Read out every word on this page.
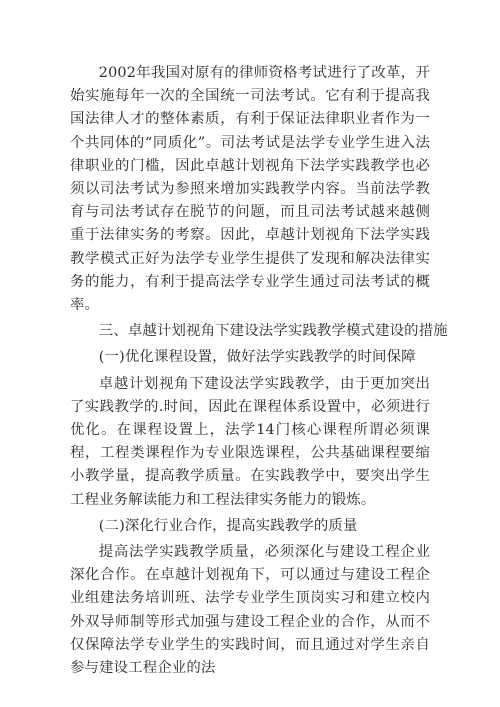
2002年我国对原有的律师资格考试进行了改革，开始实施每年一次的全国统一司法考试。它有利于提高我国法律人才的整体素质，有利于保证法律职业者作为一个共同体的“同质化”。司法考试是法学专业学生进入法律职业的门槛，因此卓越计划视角下法学实践教学也必须以司法考试为参照来增加实践教学内容。当前法学教育与司法考试存在脱节的问题，而且司法考试越来越侧重于法律实务的考察。因此，卓越计划视角下法学实践教学模式正好为法学专业学生提供了发现和解决法律实务的能力，有利于提高法学专业学生通过司法考试的概率。

三、卓越计划视角下建设法学实践教学模式建设的措施

(一)优化课程设置，做好法学实践教学的时间保障

卓越计划视角下建设法学实践教学，由于更加突出了实践教学的.时间，因此在课程体系设置中，必须进行优化。在课程设置上，法学14门核心课程所谓必须课程，工程类课程作为专业限选课程，公共基础课程要缩小教学量，提高教学质量。在实践教学中，要突出学生工程业务解读能力和工程法律实务能力的锻炼。

(二)深化行业合作，提高实践教学的质量

提高法学实践教学质量，必须深化与建设工程企业深化合作。在卓越计划视角下，可以通过与建设工程企业组建法务培训班、法学专业学生顶岗实习和建立校内外双导师制等形式加强与建设工程企业的合作，从而不仅保障法学专业学生的实践时间，而且通过对学生亲自参与建设工程企业的法
